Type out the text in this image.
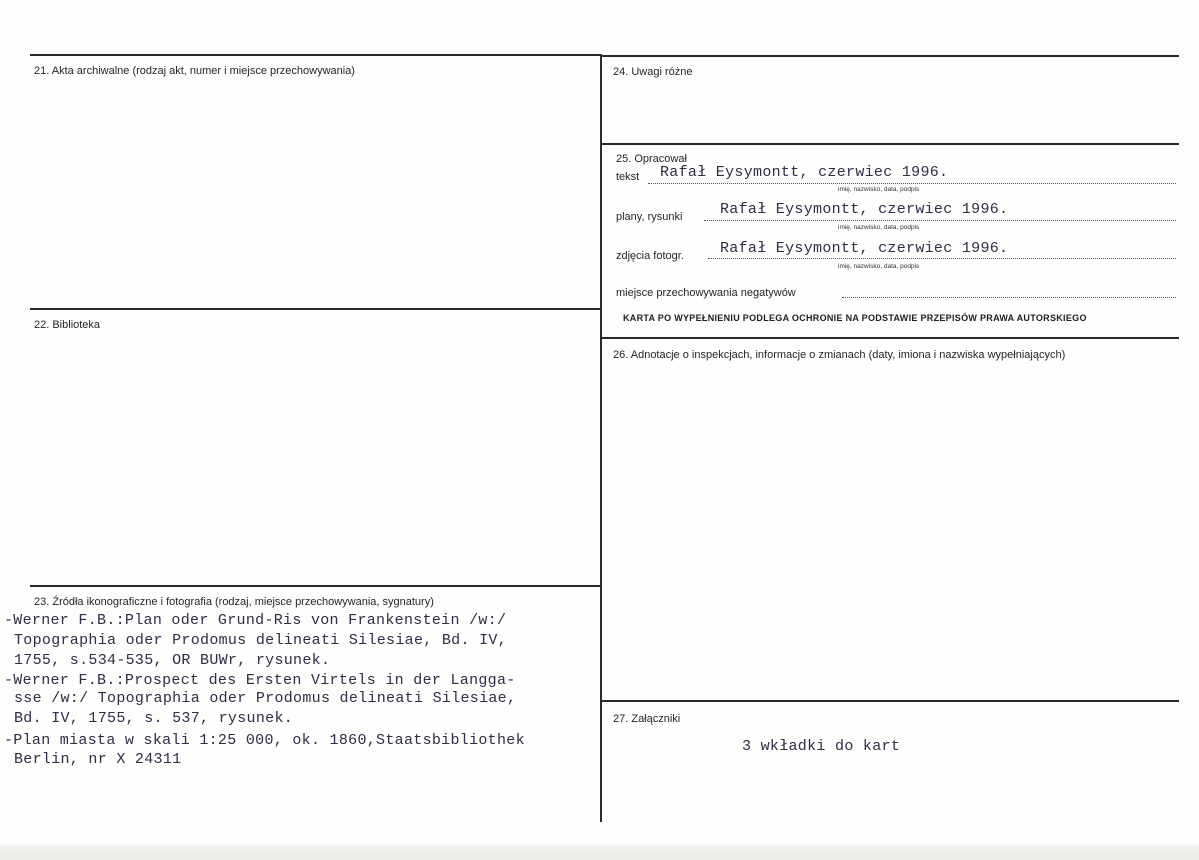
21. Akta archiwalne (rodzaj akt, numer i miejsce przechowywania)
22. Biblioteka
23. Źródła ikonograficzne i fotografia (rodzaj, miejsce przechowywania, sygnatury)
-Werner F.B.:Plan oder Grund-Ris von Frankenstein /w:/
Topographia oder Prodomus delineati Silesiae, Bd. IV,
1755, s.534-535, OR BUWr, rysunek.
-Werner F.B.:Prospect des Ersten Virtels in der Langga-
sse /w:/ Topographia oder Prodomus delineati Silesiae,
Bd. IV, 1755, s. 537, rysunek.
-Plan miasta w skali 1:25 000, ok. 1860,Staatsbibliothek
Berlin, nr X 24311
24. Uwagi różne
25. Opracował
tekst Rafał Eysymontt, czerwiec 1996.
imię, nazwisko, data, podpis
plany, rysunki	Rafał Eysymontt, czerwiec 1996.
imię, nazwisko, data, podpis
zdjęcia fotogr. Rafał Eysymontt, czerwiec 1996.
imię, nazwisko, data, podpis
miejsce przechowywania negatywów
KARTA PO WYPEŁNIENIU PODLEGA OCHRONIE NA PODSTAWIE PRZEPISÓW PRAWA AUTORSKIEGO
26. Adnotacje o inspekcjach, informacje o zmianach (daty, imiona i nazwiska wypełniających)
27. Załączniki
3 wkładki do kart
